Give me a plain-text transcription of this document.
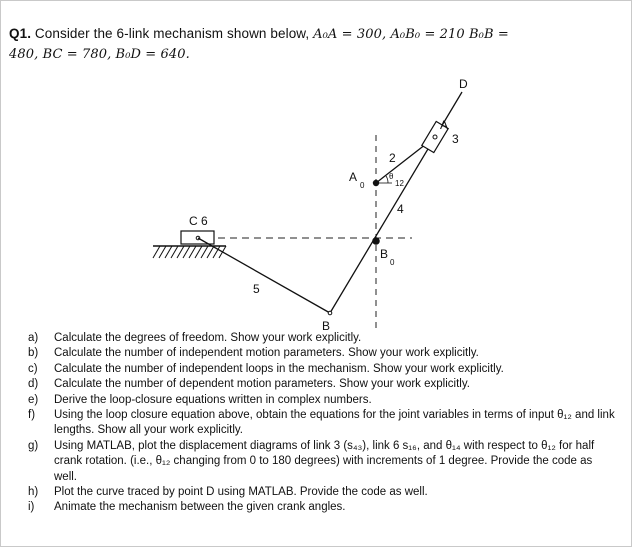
Q1. Consider the 6-link mechanism shown below, A₀A = 300, A₀B₀ = 210 B₀B =
480, BC = 780, B₀D = 640.
D
A
3
2
A
0
θ
12
4
C 6
B
0
5
B
a)	Calculate the degrees of freedom. Show your work explicitly.
b)	Calculate the number of independent motion parameters. Show your work explicitly.
c)	Calculate the number of independent loops in the mechanism. Show your work explicitly.
d)	Calculate the number of dependent motion parameters. Show your work explicitly.
e)	Derive the loop-closure equations written in complex numbers.
f)	Using the loop closure equation above, obtain the equations for the joint variables in terms of input θ₁₂ and link lengths. Show all your work explicitly.
g)	Using MATLAB, plot the displacement diagrams of link 3 (s₄₃), link 6 s₁₆, and θ₁₄ with respect to θ₁₂ for half crank rotation. (i.e., θ₁₂ changing from 0 to 180 degrees) with increments of 1 degree. Provide the code as well.
h)	Plot the curve traced by point D using MATLAB. Provide the code as well.
i)	Animate the mechanism between the given crank angles.
